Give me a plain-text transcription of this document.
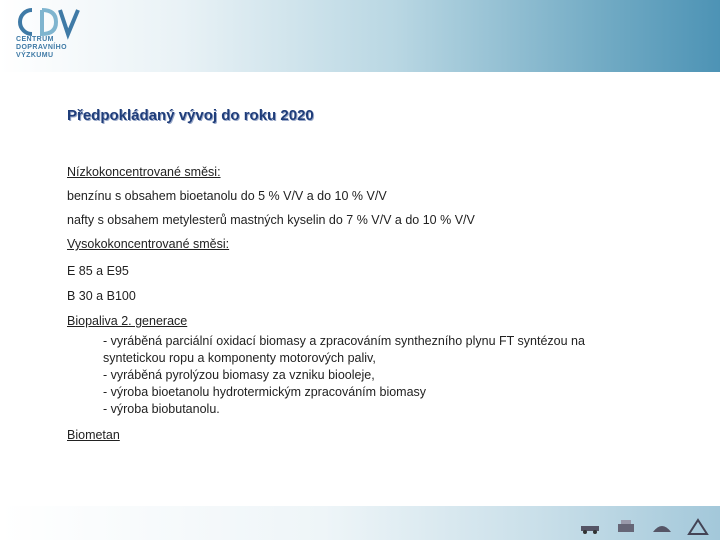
CENTRUM
DOPRAVNÍHO
VÝZKUMU
Předpokládaný vývoj do roku 2020
Nízkokoncentrované směsi:
benzínu s obsahem bioetanolu do 5 % V/V a do 10 % V/V
nafty s obsahem metylesterů mastných kyselin do 7 % V/V a do 10 % V/V
Vysokokoncentrované směsi:
E 85 a E95
B 30 a B100
Biopaliva 2. generace
- vyráběná parciální oxidací biomasy a zpracováním synthezního plynu FT syntézou na
syntetickou ropu a komponenty motorových paliv,
- vyráběná pyrolýzou biomasy za vzniku biooleje,
- výroba bioetanolu hydrotermickým zpracováním biomasy
- výroba biobutanolu.
Biometan
